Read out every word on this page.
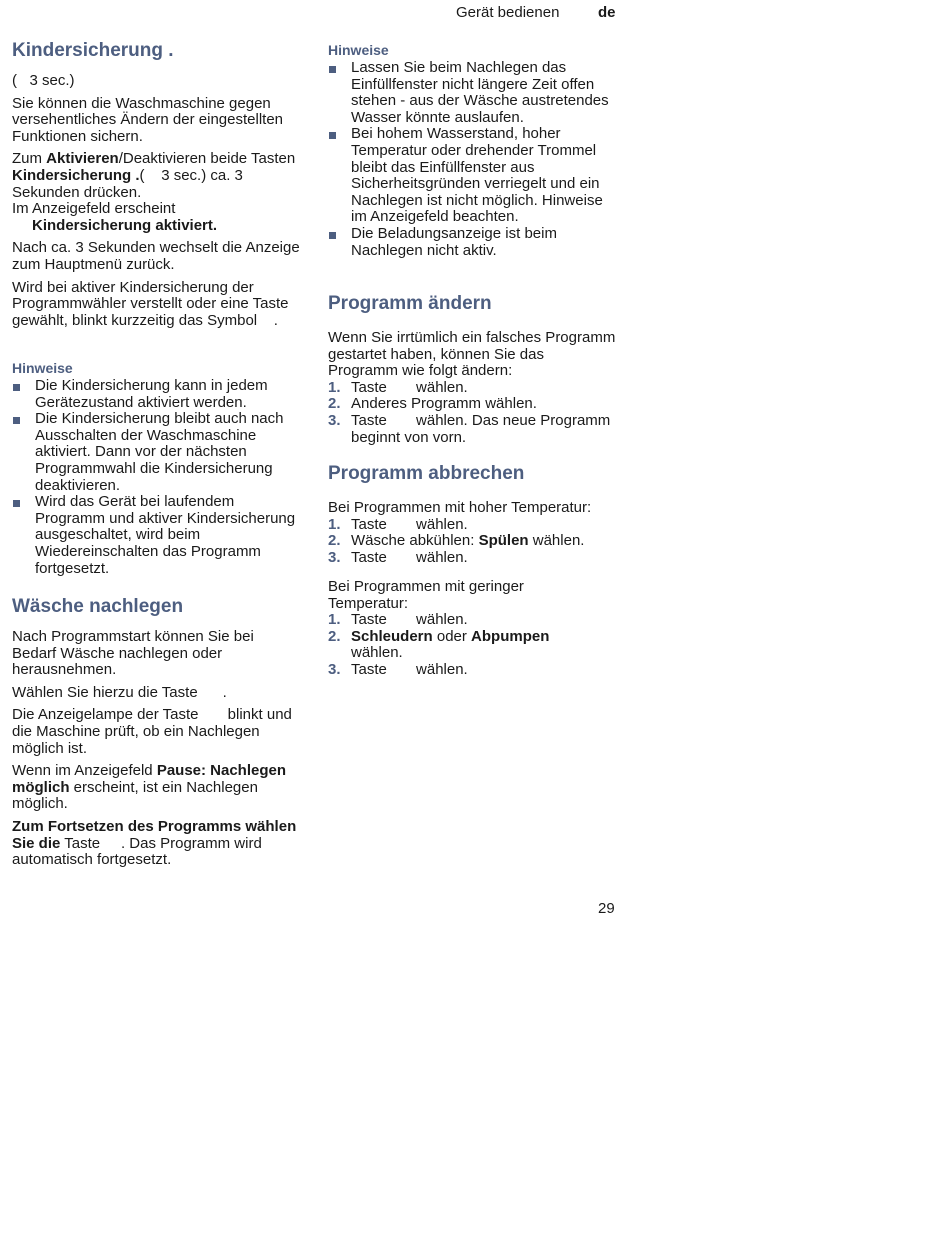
Gerät bedienen	de
Kindersicherung .

(   3 sec.)

Sie können die Waschmaschine gegen versehentliches Ändern der eingestellten Funktionen sichern.

Zum Aktivieren/Deaktivieren beide Tasten Kindersicherung .(    3 sec.) ca. 3 Sekunden drücken.
Im Anzeigefeld erscheint

Kindersicherung aktiviert.

Nach ca. 3 Sekunden wechselt die Anzeige zum Hauptmenü zurück.

Wird bei aktiver Kindersicherung der Programmwähler verstellt oder eine Taste gewählt, blinkt kurzzeitig das Symbol    .

Hinweise
Die Kindersicherung kann in jedem Gerätezustand aktiviert werden.
Die Kindersicherung bleibt auch nach Ausschalten der Waschmaschine aktiviert. Dann vor der nächsten Programmwahl die Kindersicherung deaktivieren.
Wird das Gerät bei laufendem Programm und aktiver Kindersicherung ausgeschaltet, wird beim Wiedereinschalten das Programm fortgesetzt.
Wäsche nachlegen

Nach Programmstart können Sie bei Bedarf Wäsche nachlegen oder herausnehmen.

Wählen Sie hierzu die Taste      .

Die Anzeigelampe der Taste       blinkt und die Maschine prüft, ob ein Nachlegen möglich ist.

Wenn im Anzeigefeld Pause: Nachlegen möglich erscheint, ist ein Nachlegen möglich.

Zum Fortsetzen des Programms wählen Sie die Taste     . Das Programm wird automatisch fortgesetzt.

Hinweise
Lassen Sie beim Nachlegen das Einfüllfenster nicht längere Zeit offen stehen - aus der Wäsche austretendes Wasser könnte auslaufen.
Bei hohem Wasserstand, hoher Temperatur oder drehender Trommel bleibt das Einfüllfenster aus Sicherheitsgründen verriegelt und ein Nachlegen ist nicht möglich. Hinweise im Anzeigefeld beachten.
Die Beladungsanzeige ist beim Nachlegen nicht aktiv.
Programm ändern

Wenn Sie irrtümlich ein falsches Programm gestartet haben, können Sie das Programm wie folgt ändern:

1. Taste       wählen.
2. Anderes Programm wählen.
3. Taste       wählen. Das neue Programm beginnt von vorn.
Programm abbrechen

Bei Programmen mit hoher Temperatur:

1. Taste       wählen.
2. Wäsche abkühlen: Spülen wählen.
3. Taste       wählen.

Bei Programmen mit geringer Temperatur:

1. Taste       wählen.
2. Schleudern oder Abpumpen
wählen.
3. Taste       wählen.
29
